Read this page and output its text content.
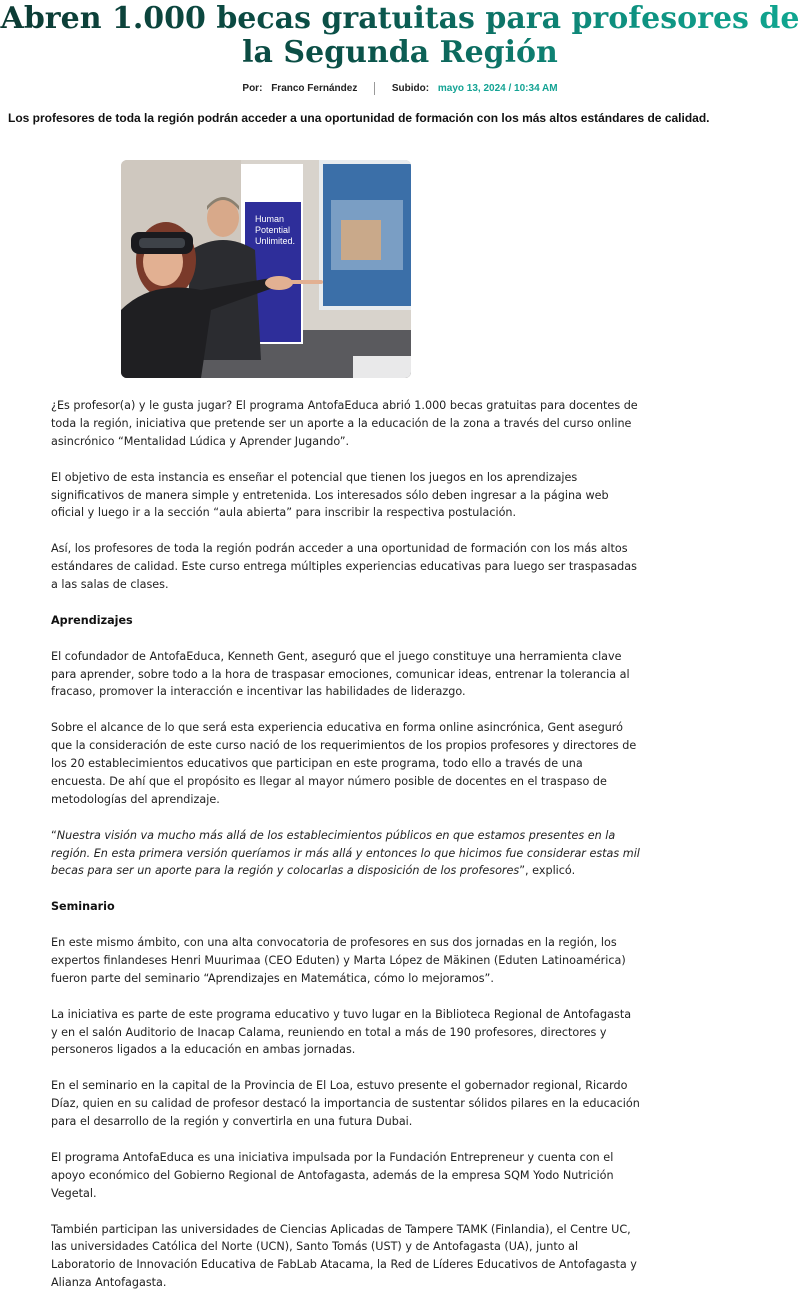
Abren 1.000 becas gratuitas para profesores de la Segunda Región
Por: Franco Fernández	Subido: mayo 13, 2024 / 10:34 AM
Los profesores de toda la región podrán acceder a una oportunidad de formación con los más altos estándares de calidad.
Human Potential Unlimited.

¿Es profesor(a) y le gusta jugar? El programa AntofaEduca abrió 1.000 becas gratuitas para docentes de toda la región, iniciativa que pretende ser un aporte a la educación de la zona a través del curso online asincrónico “Mentalidad Lúdica y Aprender Jugando”.

El objetivo de esta instancia es enseñar el potencial que tienen los juegos en los aprendizajes significativos de manera simple y entretenida. Los interesados sólo deben ingresar a la página web oficial y luego ir a la sección “aula abierta” para inscribir la respectiva postulación.

Así, los profesores de toda la región podrán acceder a una oportunidad de formación con los más altos estándares de calidad. Este curso entrega múltiples experiencias educativas para luego ser traspasadas a las salas de clases.

Aprendizajes

El cofundador de AntofaEduca, Kenneth Gent, aseguró que el juego constituye una herramienta clave para aprender, sobre todo a la hora de traspasar emociones, comunicar ideas, entrenar la tolerancia al fracaso, promover la interacción e incentivar las habilidades de liderazgo.

Sobre el alcance de lo que será esta experiencia educativa en forma online asincrónica, Gent aseguró que la consideración de este curso nació de los requerimientos de los propios profesores y directores de los 20 establecimientos educativos que participan en este programa, todo ello a través de una encuesta. De ahí que el propósito es llegar al mayor número posible de docentes en el traspaso de metodologías del aprendizaje.

“Nuestra visión va mucho más allá de los establecimientos públicos en que estamos presentes en la región. En esta primera versión queríamos ir más allá y entonces lo que hicimos fue considerar estas mil becas para ser un aporte para la región y colocarlas a disposición de los profesores”, explicó.

Seminario

En este mismo ámbito, con una alta convocatoria de profesores en sus dos jornadas en la región, los expertos finlandeses Henri Muurimaa (CEO Eduten) y Marta López de Mäkinen (Eduten Latinoamérica) fueron parte del seminario “Aprendizajes en Matemática, cómo lo mejoramos”.

La iniciativa es parte de este programa educativo y tuvo lugar en la Biblioteca Regional de Antofagasta y en el salón Auditorio de Inacap Calama, reuniendo en total a más de 190 profesores, directores y personeros ligados a la educación en ambas jornadas.

En el seminario en la capital de la Provincia de El Loa, estuvo presente el gobernador regional, Ricardo Díaz, quien en su calidad de profesor destacó la importancia de sustentar sólidos pilares en la educación para el desarrollo de la región y convertirla en una futura Dubai.

El programa AntofaEduca es una iniciativa impulsada por la Fundación Entrepreneur y cuenta con el apoyo económico del Gobierno Regional de Antofagasta, además de la empresa SQM Yodo Nutrición Vegetal.

También participan las universidades de Ciencias Aplicadas de Tampere TAMK (Finlandia), el Centre UC, las universidades Católica del Norte (UCN), Santo Tomás (UST) y de Antofagasta (UA), junto al Laboratorio de Innovación Educativa de FabLab Atacama, la Red de Líderes Educativos de Antofagasta y Alianza Antofagasta.
